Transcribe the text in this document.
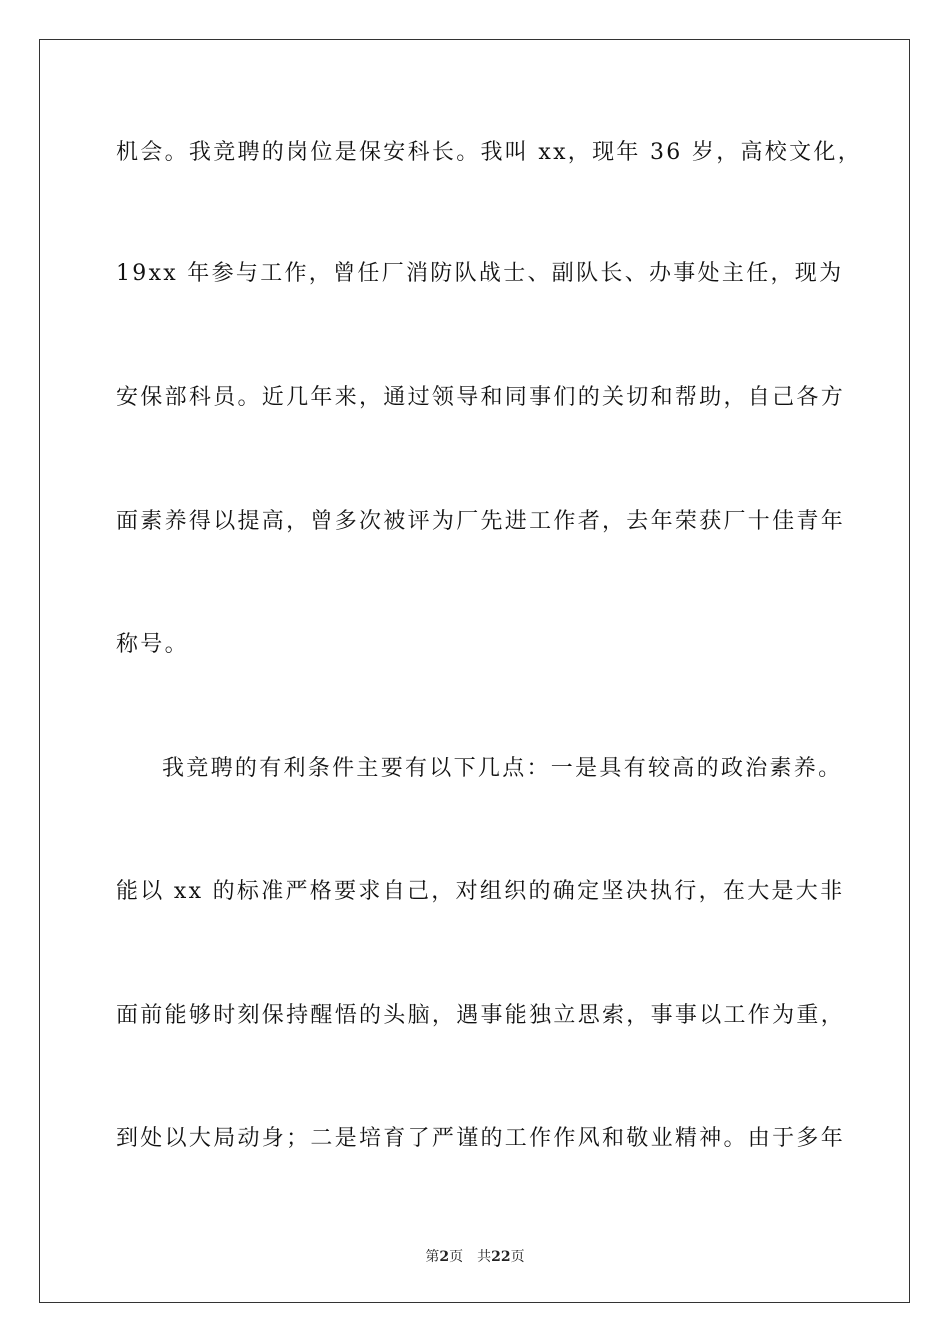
机会。我竞聘的岗位是保安科长。我叫 xx，现年 36 岁，高校文化，
19xx 年参与工作，曾任厂消防队战士、副队长、办事处主任，现为
安保部科员。近几年来，通过领导和同事们的关切和帮助，自己各方
面素养得以提高，曾多次被评为厂先进工作者，去年荣获厂十佳青年
称号。
我竞聘的有利条件主要有以下几点：一是具有较高的政治素养。
能以 xx 的标准严格要求自己，对组织的确定坚决执行，在大是大非
面前能够时刻保持醒悟的头脑，遇事能独立思索，事事以工作为重，
到处以大局动身；二是培育了严谨的工作作风和敬业精神。由于多年
第2页 共22页
